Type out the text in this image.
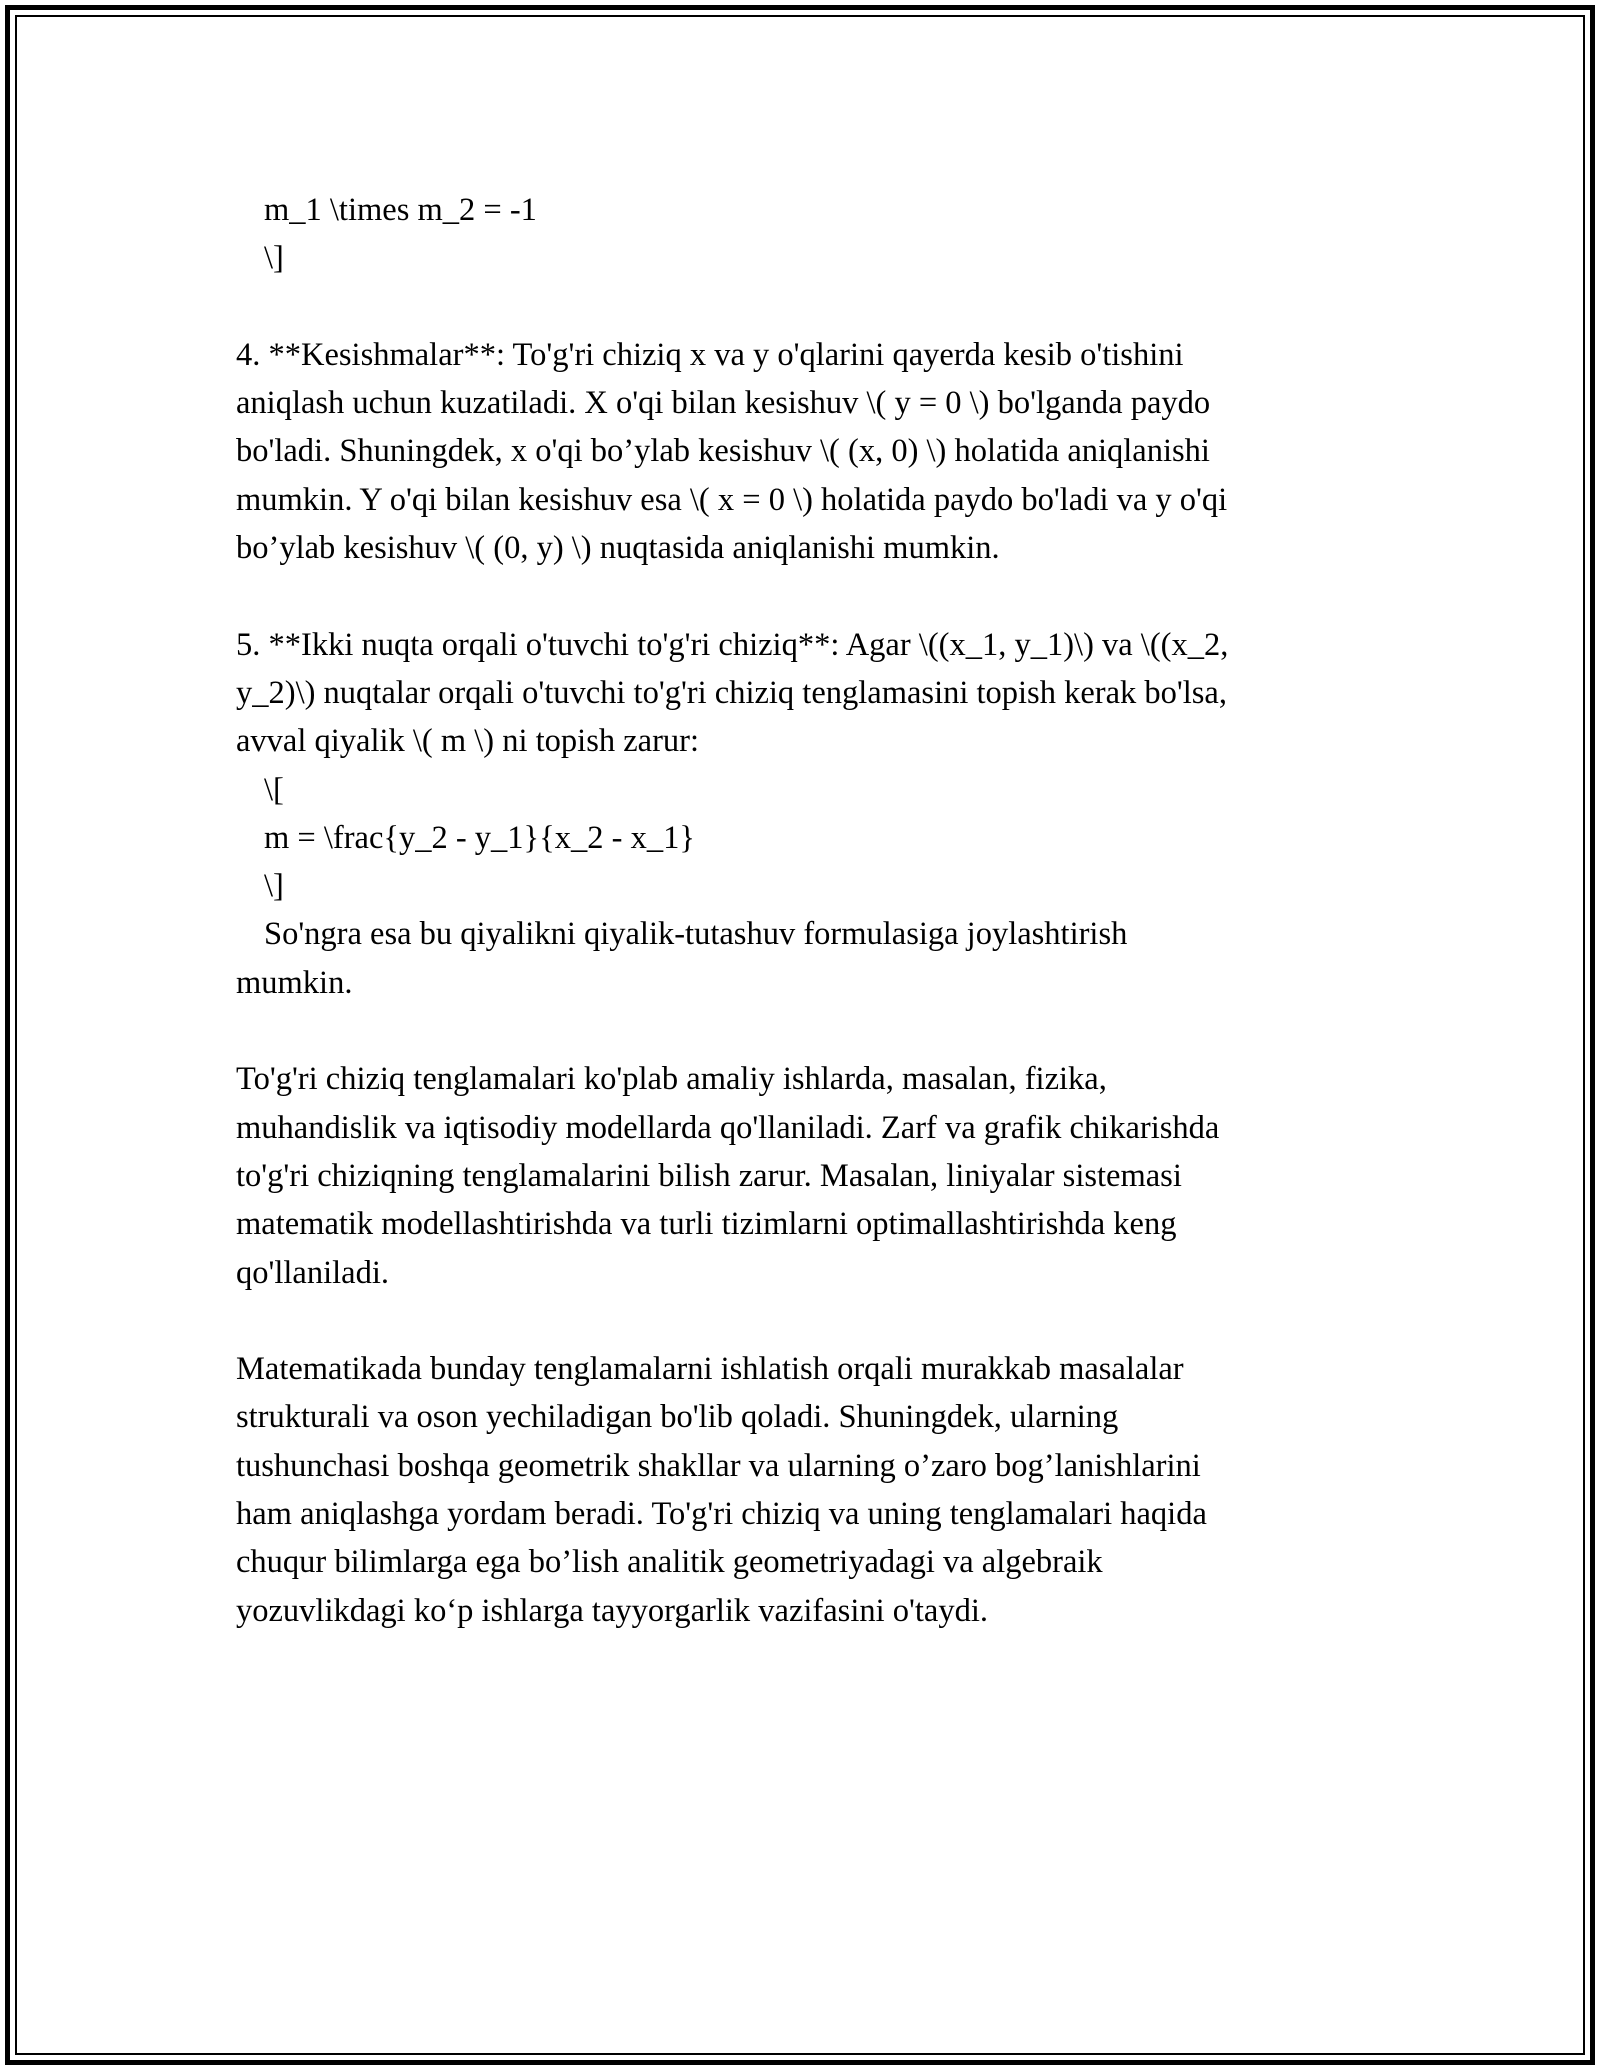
m_1 \times m_2 = -1
\]
4. **Kesishmalar**: To'g'ri chiziq x va y o'qlarini qayerda kesib o'tishini
aniqlash uchun kuzatiladi. X o'qi bilan kesishuv \( y = 0 \) bo'lganda paydo
bo'ladi. Shuningdek, x o'qi bo’ylab kesishuv \( (x, 0) \) holatida aniqlanishi
mumkin. Y o'qi bilan kesishuv esa \( x = 0 \) holatida paydo bo'ladi va y o'qi
bo’ylab kesishuv \( (0, y) \) nuqtasida aniqlanishi mumkin.
5. **Ikki nuqta orqali o'tuvchi to'g'ri chiziq**: Agar \((x_1, y_1)\) va \((x_2,
y_2)\) nuqtalar orqali o'tuvchi to'g'ri chiziq tenglamasini topish kerak bo'lsa,
avval qiyalik \( m \) ni topish zarur:
\[
m = \frac{y_2 - y_1}{x_2 - x_1}
\]
So'ngra esa bu qiyalikni qiyalik-tutashuv formulasiga joylashtirish
mumkin.
To'g'ri chiziq tenglamalari ko'plab amaliy ishlarda, masalan, fizika,
muhandislik va iqtisodiy modellarda qo'llaniladi. Zarf va grafik chikarishda
to'g'ri chiziqning tenglamalarini bilish zarur. Masalan, liniyalar sistemasi
matematik modellashtirishda va turli tizimlarni optimallashtirishda keng
qo'llaniladi.
Matematikada bunday tenglamalarni ishlatish orqali murakkab masalalar
strukturali va oson yechiladigan bo'lib qoladi. Shuningdek, ularning
tushunchasi boshqa geometrik shakllar va ularning o’zaro bog’lanishlarini
ham aniqlashga yordam beradi. To'g'ri chiziq va uning tenglamalari haqida
chuqur bilimlarga ega bo’lish analitik geometriyadagi va algebraik
yozuvlikdagi ko‘p ishlarga tayyorgarlik vazifasini o'taydi.
